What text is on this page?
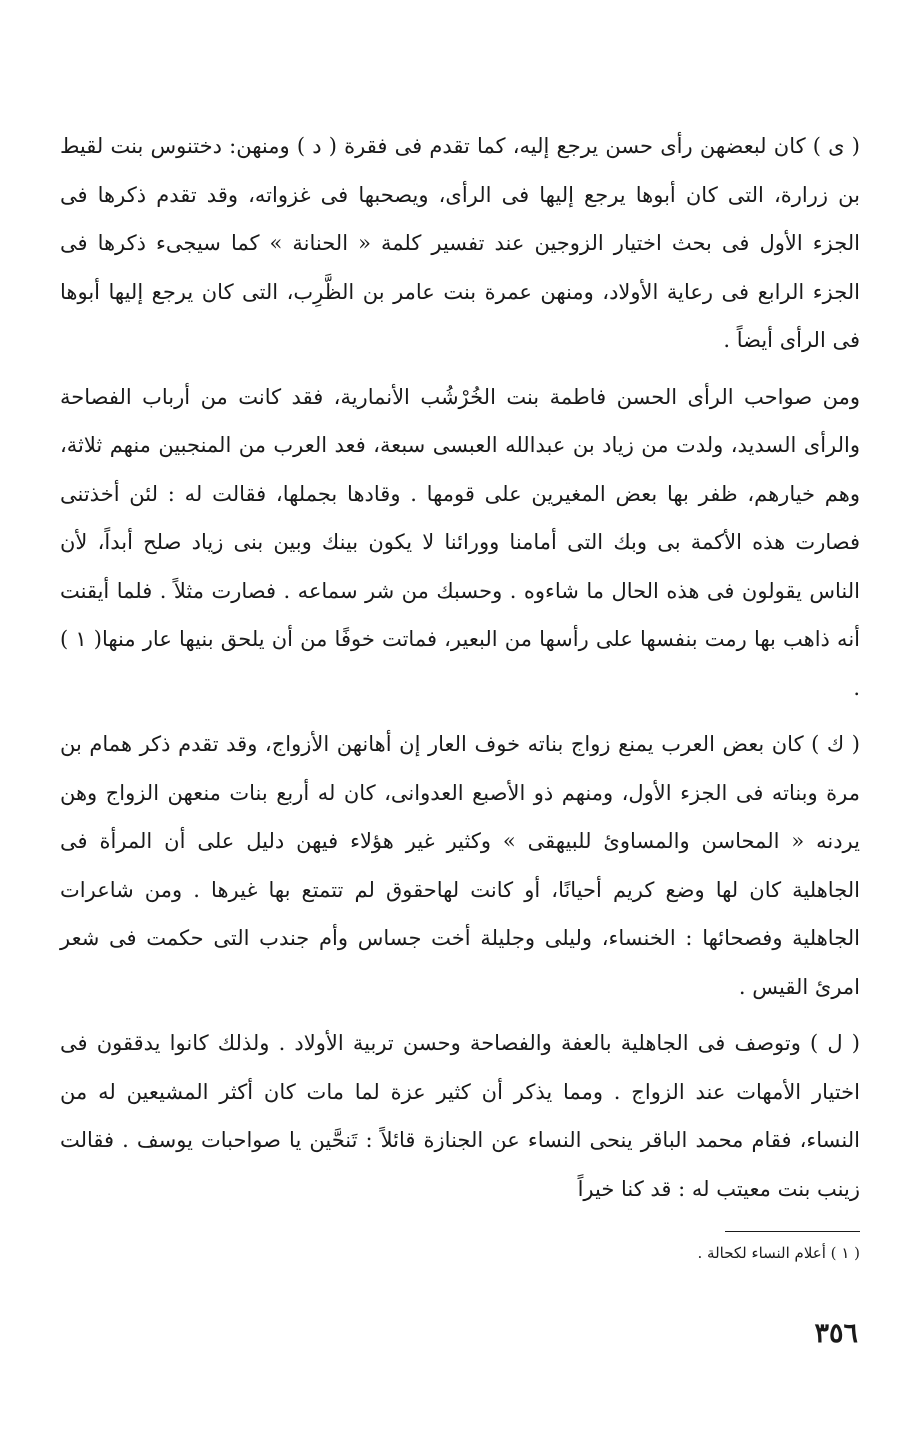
( ى ) كان لبعضهن رأى حسن يرجع إليه، كما تقدم فى فقرة ( د ) ومنهن: دختنوس بنت لقيط بن زرارة، التى كان أبوها يرجع إليها فى الرأى، ويصحبها فى غزواته، وقد تقدم ذكرها فى الجزء الأول فى بحث اختيار الزوجين عند تفسير كلمة « الحنانة » كما سيجىء ذكرها فى الجزء الرابع فى رعاية الأولاد، ومنهن عمرة بنت عامر بن الظَّرِب، التى كان يرجع إليها أبوها فى الرأى أيضاً .

ومن صواحب الرأى الحسن فاطمة بنت الخُرْشُب الأنمارية، فقد كانت من أرباب الفصاحة والرأى السديد، ولدت من زياد بن عبدالله العبسى سبعة، فعد العرب من المنجبين منهم ثلاثة، وهم خيارهم، ظفر بها بعض المغيرين على قومها . وقادها بجملها، فقالت له : لئن أخذتنى فصارت هذه الأكمة بى وبك التى أمامنا وورائنا لا يكون بينك وبين بنى زياد صلح أبداً، لأن الناس يقولون فى هذه الحال ما شاءوه . وحسبك من شر سماعه . فصارت مثلاً . فلما أيقنت أنه ذاهب بها رمت بنفسها على رأسها من البعير، فماتت خوفًا من أن يلحق بنيها عار منها( ١ ) .

( ك ) كان بعض العرب يمنع زواج بناته خوف العار إن أهانهن الأزواج، وقد تقدم ذكر همام بن مرة وبناته فى الجزء الأول، ومنهم ذو الأصبع العدوانى، كان له أربع بنات منعهن الزواج وهن يردنه « المحاسن والمساوئ للبيهقى » وكثير غير هؤلاء فيهن دليل على أن المرأة فى الجاهلية كان لها وضع كريم أحيانًا، أو كانت لهاحقوق لم تتمتع بها غيرها . ومن شاعرات الجاهلية وفصحائها : الخنساء، وليلى وجليلة أخت جساس وأم جندب التى حكمت فى شعر امرئ القيس .

( ل ) وتوصف فى الجاهلية بالعفة والفصاحة وحسن تربية الأولاد . ولذلك كانوا يدققون فى اختيار الأمهات عند الزواج . ومما يذكر أن كثير عزة لما مات كان أكثر المشيعين له من النساء، فقام محمد الباقر ينحى النساء عن الجنازة قائلاً : تَنحَّين يا صواحبات يوسف . فقالت زينب بنت معيتب له : قد كنا خيراً

( ١ ) أعلام النساء لكحالة .
٣٥٦
